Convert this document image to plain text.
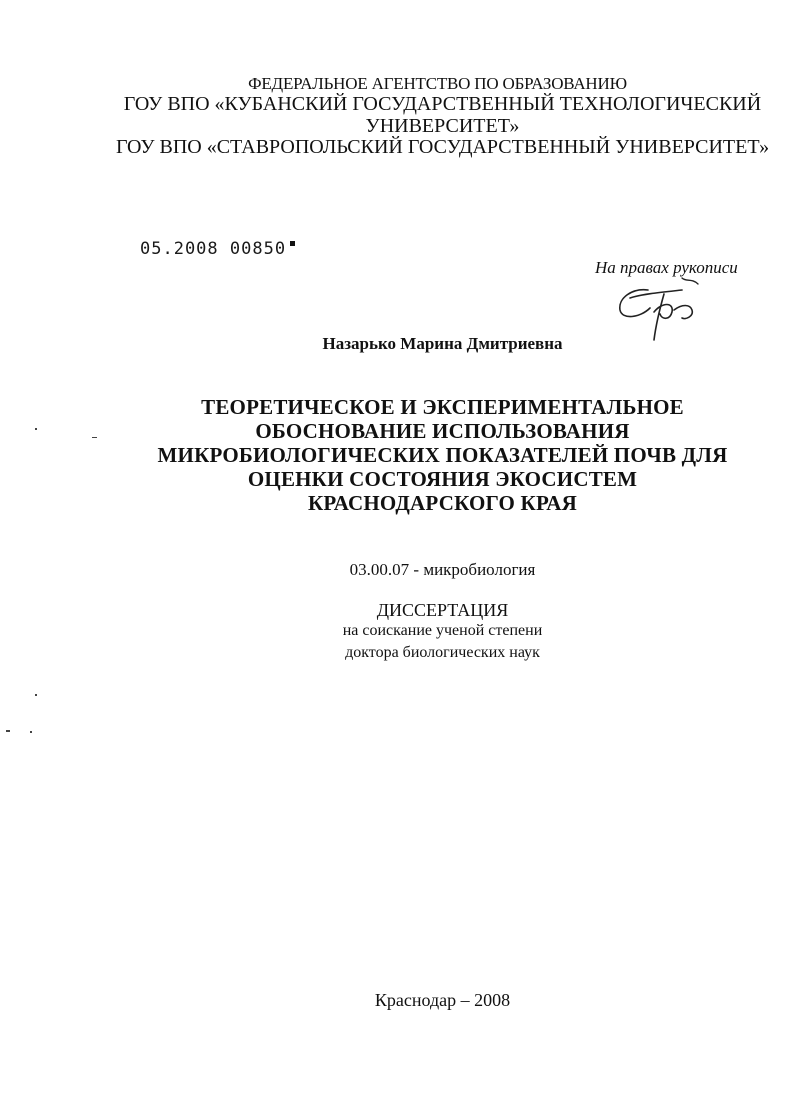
ФЕДЕРАЛЬНОЕ АГЕНТСТВО ПО ОБРАЗОВАНИЮ
ГОУ ВПО «КУБАНСКИЙ ГОСУДАРСТВЕННЫЙ ТЕХНОЛОГИЧЕСКИЙ
УНИВЕРСИТЕТ»
ГОУ ВПО «СТАВРОПОЛЬСКИЙ ГОСУДАРСТВЕННЫЙ УНИВЕРСИТЕТ»
05.2008 00850
На правах рукописи
Назарько Марина Дмитриевна
ТЕОРЕТИЧЕСКОЕ И ЭКСПЕРИМЕНТАЛЬНОЕ
ОБОСНОВАНИЕ ИСПОЛЬЗОВАНИЯ
МИКРОБИОЛОГИЧЕСКИХ ПОКАЗАТЕЛЕЙ ПОЧВ ДЛЯ
ОЦЕНКИ СОСТОЯНИЯ ЭКОСИСТЕМ
КРАСНОДАРСКОГО КРАЯ
03.00.07 - микробиология
ДИССЕРТАЦИЯ
на соискание ученой степени
доктора биологических наук
Краснодар – 2008
